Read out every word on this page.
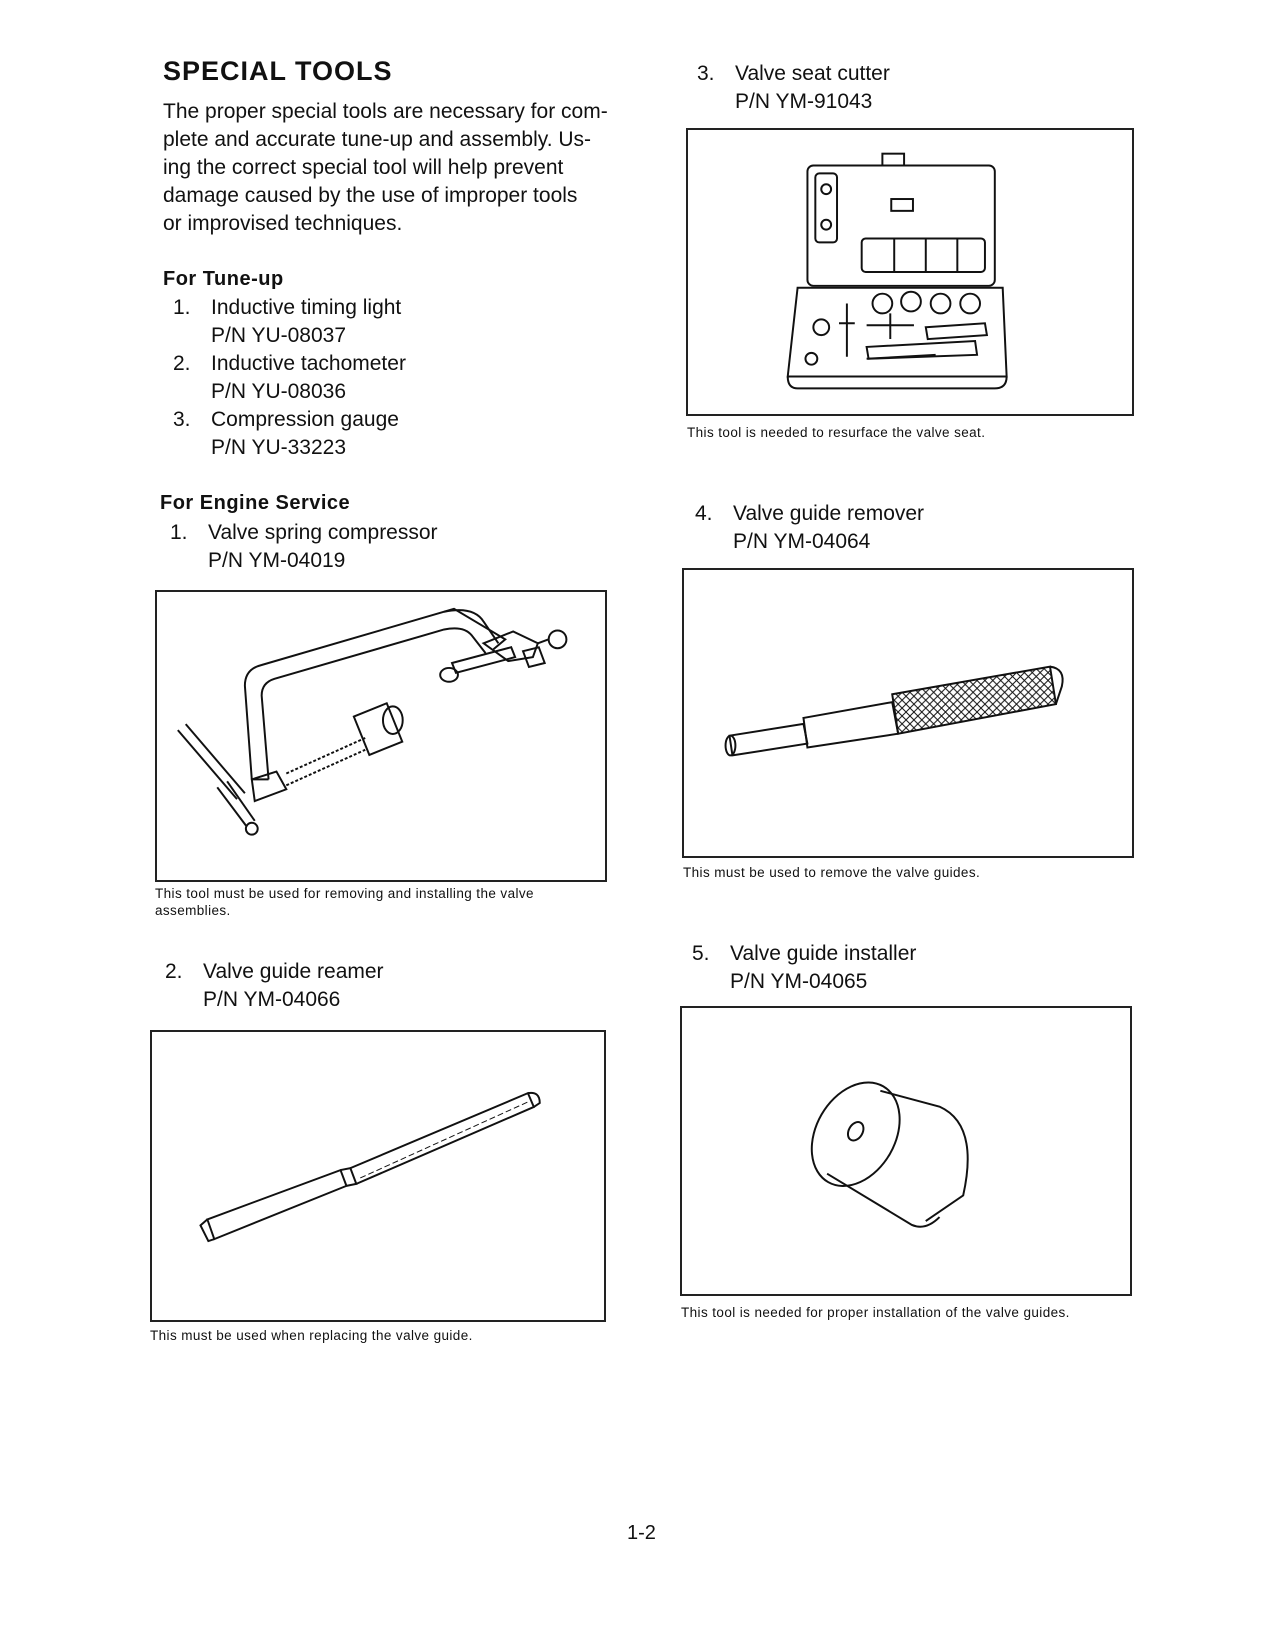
SPECIAL TOOLS

The proper special tools are necessary for com-

plete and accurate tune-up and assembly. Us-

ing the correct special tool will help prevent

damage caused by the use of improper tools

or improvised techniques.

For Tune-up
1. Inductive timing light
P/N YU-08037
2. Inductive tachometer
P/N YU-08036
3. Compression gauge
P/N YU-33223
For Engine Service
1. Valve spring compressor
P/N YM-04019
This tool must be used for removing and installing the valve
assemblies.
2. Valve guide reamer
P/N YM-04066
This must be used when replacing the valve guide.
3. Valve seat cutter
P/N YM-91043
This tool is needed to resurface the valve seat.
4. Valve guide remover
P/N YM-04064
This must be used to remove the valve guides.
5. Valve guide installer
P/N YM-04065
This tool is needed for proper installation of the valve guides.
1-2
